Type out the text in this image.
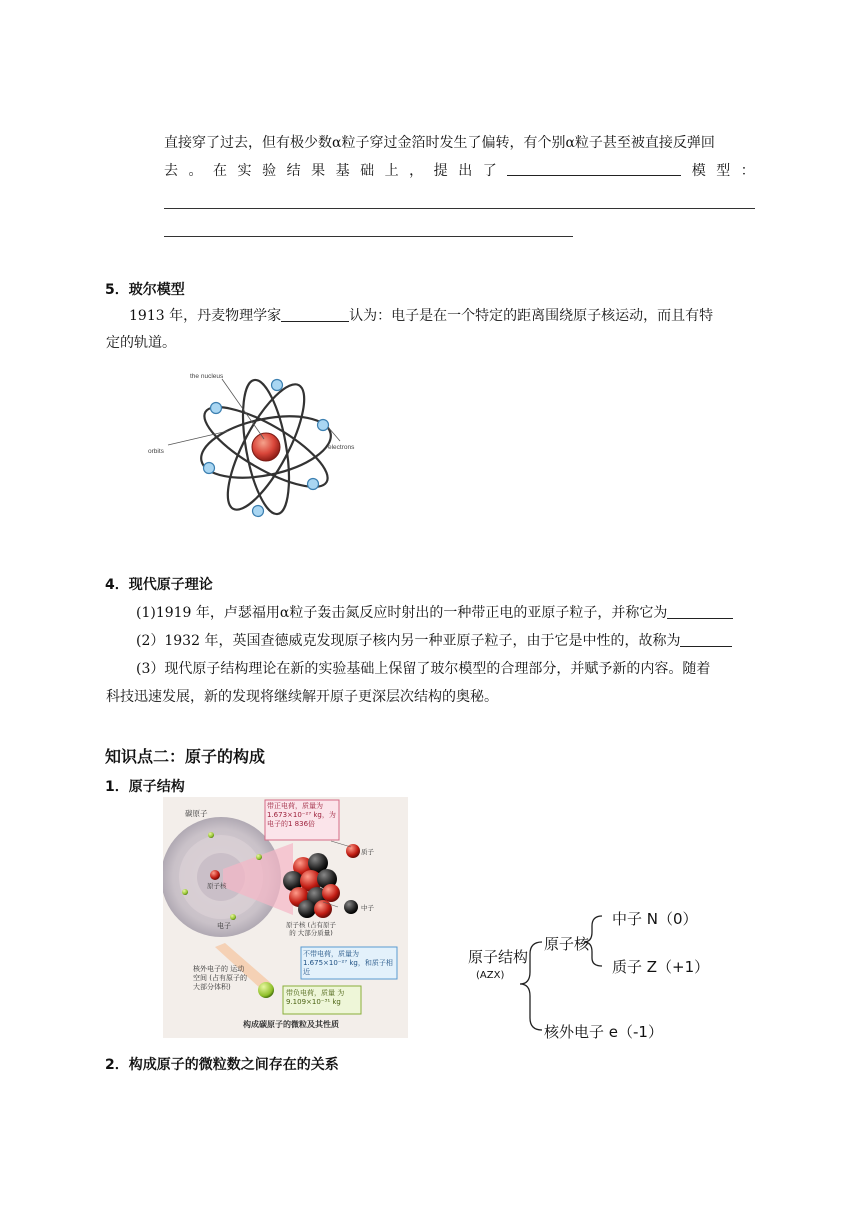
直接穿了过去，但有极少数α粒子穿过金箔时发生了偏转，有个别α粒子甚至被直接反弹回
去 。 在 实 验 结 果 基 础 上 ， 提 出 了	模 型 ：
5．玻尔模型
1913 年，丹麦物理学家	认为：电子是在一个特定的距离围绕原子核运动，而且有特
定的轨道。
the nucleus
orbits
electrons
4．现代原子理论
(1)1919 年，卢瑟福用α粒子轰击氮反应时射出的一种带正电的亚原子粒子，并称它为
(2）1932 年，英国查德威克发现原子核内另一种亚原子粒子，由于它是中性的，故称为
(3）现代原子结构理论在新的实验基础上保留了玻尔模型的合理部分，并赋予新的内容。随着
科技迅速发展，新的发现将继续解开原子更深层次结构的奥秘。
知识点二：原子的构成
1．原子结构
带正电荷，质量为 1.673×10⁻²⁷ kg，为 电子的1 836倍
碳原子
原子核
电子
质子
中子
原子核 (占有原子的 大部分质量)
不带电荷，质量为 1.675×10⁻²⁷ kg，和质子相近
核外电子的 运动空间 (占有原子的 大部分体积)
带负电荷，质量 为9.109×10⁻³¹ kg
构成碳原子的微粒及其性质
原子结构
(AZX)
原子核
中子 N（0）
质子 Z（+1）
核外电子 e（-1）
2．构成原子的微粒数之间存在的关系
